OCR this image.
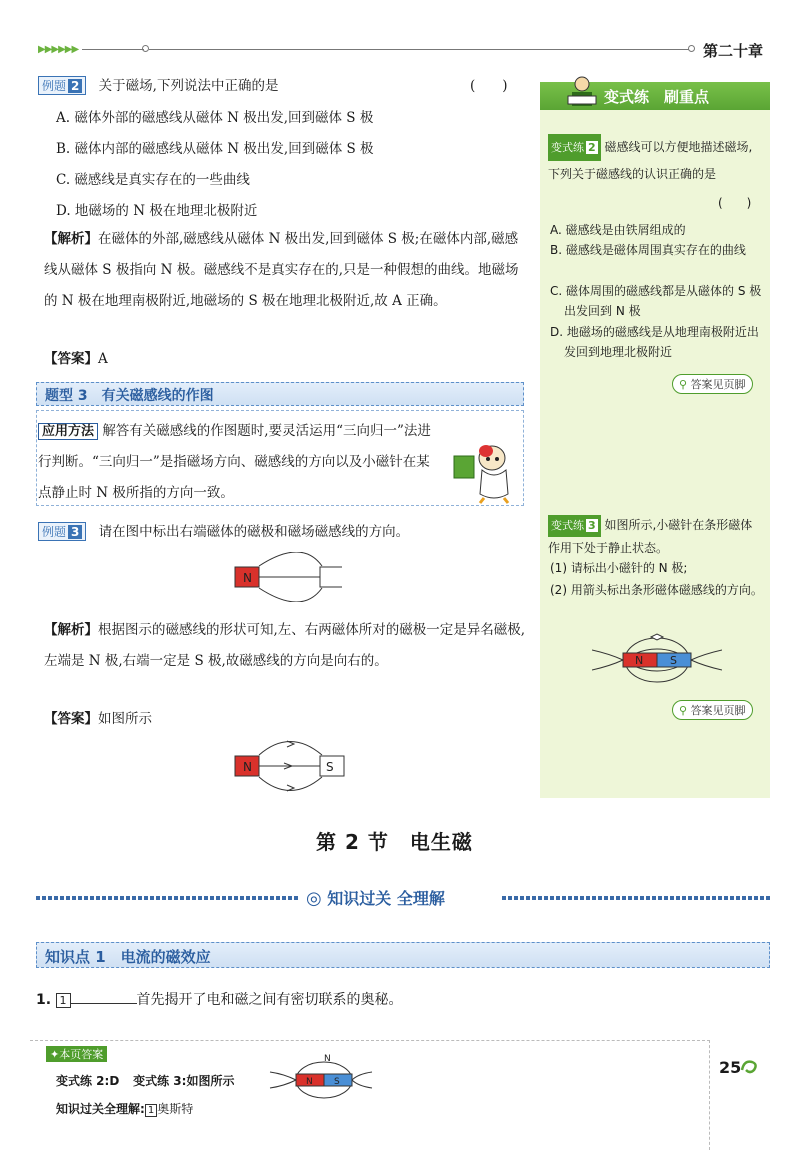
▶▶▶▶▶▶	第二十章
例题 2 关于磁场,下列说法中正确的是	(　　)
A. 磁体外部的磁感线从磁体 N 极出发,回到磁体 S 极
B. 磁体内部的磁感线从磁体 N 极出发,回到磁体 S 极
C. 磁感线是真实存在的一些曲线
D. 地磁场的 N 极在地理北极附近
【解析】在磁体的外部,磁感线从磁体 N 极出发,回到磁体 S 极;在磁体内部,磁感线从磁体 S 极指向 N 极。磁感线不是真实存在的,只是一种假想的曲线。地磁场的 N 极在地理南极附近,地磁场的 S 极在地理北极附近,故 A 正确。
【答案】A
题型 3　有关磁感线的作图
应用方法 解答有关磁感线的作图题时,要灵活运用“三向归一”法进行判断。“三向归一”是指磁场方向、磁感线的方向以及小磁针在某点静止时 N 极所指的方向一致。
例题 3 请在图中标出右端磁体的磁极和磁场磁感线的方向。
N
【解析】根据图示的磁感线的形状可知,左、右两磁体所对的磁极一定是异名磁极,左端是 N 极,右端一定是 S 极,故磁感线的方向是向右的。
【答案】如图所示
N	S
变式练　刷重点
变式练 2 磁感线可以方便地描述磁场,下列关于磁感线的认识正确的是
(　　)
A. 磁感线是由铁屑组成的
B. 磁感线是磁体周围真实存在的曲线
C. 磁体周围的磁感线都是从磁体的 S 极出发回到 N 极
D. 地磁场的磁感线是从地理南极附近出发回到地理北极附近
⚲ 答案见页脚
变式练 3 如图所示,小磁针在条形磁体作用下处于静止状态。
(1) 请标出小磁针的 N 极;
(2) 用箭头标出条形磁体磁感线的方向。
N S
⚲ 答案见页脚
第 2 节　电生磁
◎ 知识过关 全理解
知识点 1　电流的磁效应
1. 1	首先揭开了电和磁之间有密切联系的奥秘。
✦本页答案
变式练 2:D 变式练 3:如图所示
知识过关全理解: 1 奥斯特
N
N S
25
